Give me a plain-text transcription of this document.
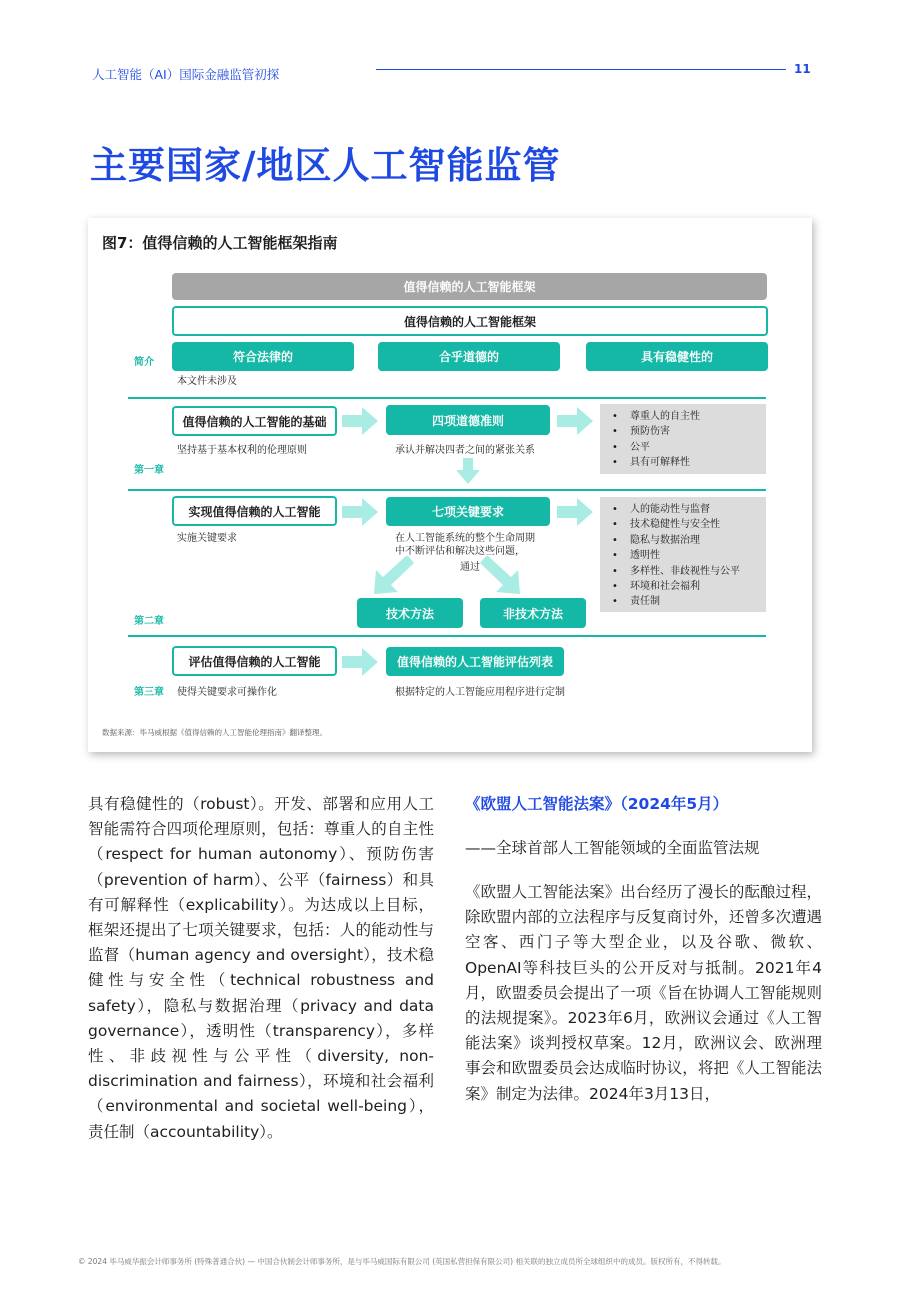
人工智能（AI）国际金融监管初探	11
主要国家/地区人工智能监管
图7：值得信赖的人工智能框架指南
值得信赖的人工智能框架
值得信赖的人工智能框架
简介	符合法律的	合乎道德的	具有稳健性的
本文件未涉及
值得信赖的人工智能的基础	四项道德准则	• 尊重人的自主性
• 预防伤害
• 公平
• 具有可解释性
坚持基于基本权利的伦理原则	承认并解决四者之间的紧张关系
第一章
实现值得信赖的人工智能	七项关键要求	• 人的能动性与监督
• 技术稳健性与安全性
• 隐私与数据治理
• 透明性
• 多样性、非歧视性与公平
• 环境和社会福利
• 责任制
实施关键要求	在人工智能系统的整个生命周期
中不断评估和解决这些问题，
通过
技术方法	非技术方法
第二章
评估值得信赖的人工智能	值得信赖的人工智能评估列表
第三章 使得关键要求可操作化	根据特定的人工智能应用程序进行定制
数据来源：毕马威根据《值得信赖的人工智能伦理指南》翻译整理。
具有稳健性的（robust）。开发、部署和应用人工智能需符合四项伦理原则，包括：尊重人的自主性（respect for human autonomy）、预防伤害（prevention of harm）、公平（fairness）和具有可解释性（explicability）。为达成以上目标，框架还提出了七项关键要求，包括：人的能动性与监督（human agency and oversight），技术稳健性与安全性（technical robustness and safety），隐私与数据治理（privacy and data governance），透明性（transparency），多样性、非歧视性与公平性（diversity, non-discrimination and fairness），环境和社会福利（environmental and societal well-being），责任制（accountability）。
《欧盟人工智能法案》（2024年5月）
——全球首部人工智能领域的全面监管法规
《欧盟人工智能法案》出台经历了漫长的酝酿过程，除欧盟内部的立法程序与反复商讨外，还曾多次遭遇空客、西门子等大型企业，以及谷歌、微软、OpenAI等科技巨头的公开反对与抵制。2021年4月，欧盟委员会提出了一项《旨在协调人工智能规则的法规提案》。2023年6月，欧洲议会通过《人工智能法案》谈判授权草案。12月，欧洲议会、欧洲理事会和欧盟委员会达成临时协议，将把《人工智能法案》制定为法律。2024年3月13日，
© 2024 毕马威华振会计师事务所 (特殊普通合伙) — 中国合伙制会计师事务所，是与毕马威国际有限公司 (英国私营担保有限公司) 相关联的独立成员所全球组织中的成员。版权所有，不得转载。
